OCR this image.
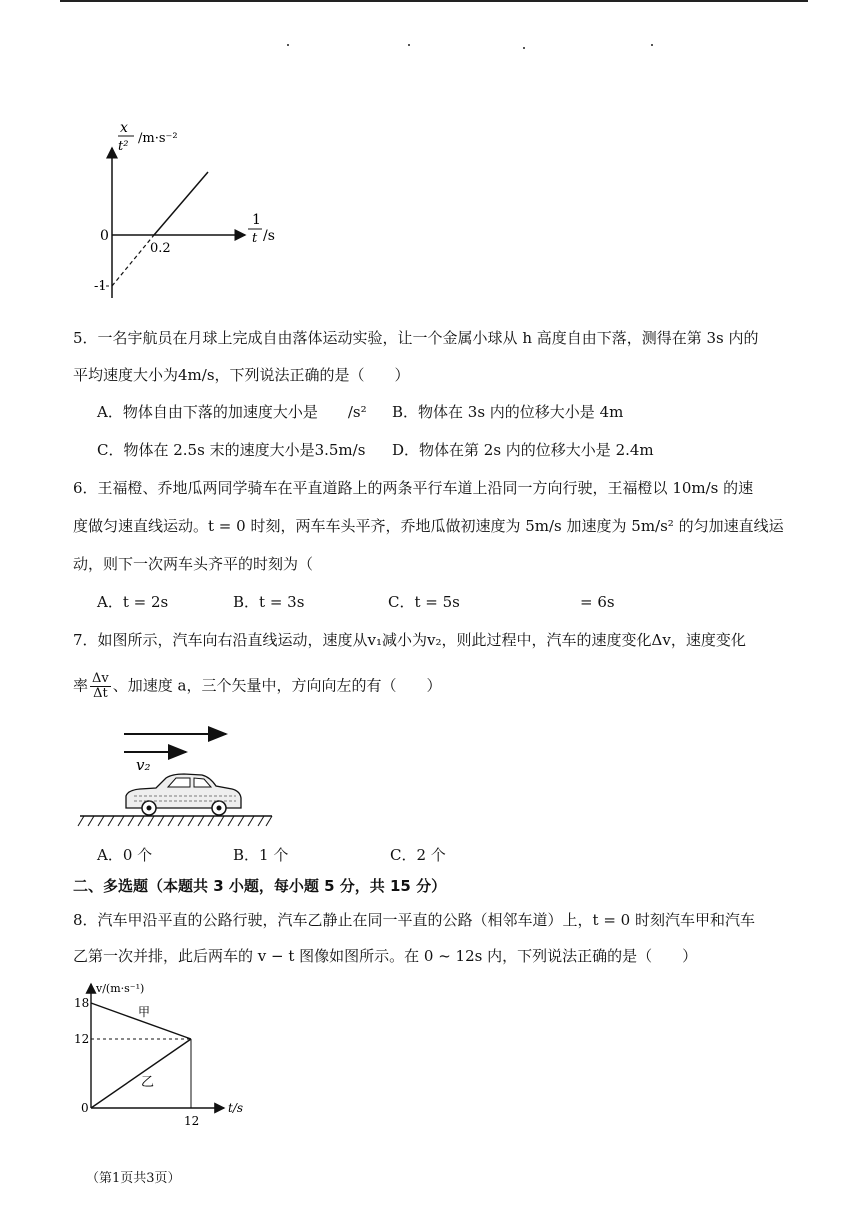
x
t²
/m·s⁻²
1
t /s
0
-1
0.2
5．一名宇航员在月球上完成自由落体运动实验，让一个金属小球从 h 高度自由下落，测得在第 3s 内的
平均速度大小为4m/s，下列说法正确的是（　　）
A．物体自由下落的加速度大小是　　/s² B．物体在 3s 内的位移大小是 4m
C．物体在 2.5s 末的速度大小是3.5m/s D．物体在第 2s 内的位移大小是 2.4m
6．王福橙、乔地瓜两同学骑车在平直道路上的两条平行车道上沿同一方向行驶，王福橙以 10m/s 的速
度做匀速直线运动。t = 0 时刻，两车车头平齐，乔地瓜做初速度为 5m/s 加速度为 5m/s² 的匀加速直线运
动，则下一次两车头齐平的时刻为（
A．t = 2s	B．t = 3s	C．t = 5s	= 6s
7．如图所示，汽车向右沿直线运动，速度从v₁减小为v₂，则此过程中，汽车的速度变化Δv，速度变化
率 $\frac{\Delta v}{\Delta t}$ 、加速度 a，三个矢量中，方向向左的有（　　）
v₂
A．0 个	B．1 个	C．2 个
二、多选题（本题共 3 小题，每小题 5 分，共 15 分）
8．汽车甲沿平直的公路行驶，汽车乙静止在同一平直的公路（相邻车道）上，t = 0 时刻汽车甲和汽车
乙第一次并排，此后两车的 v − t 图像如图所示。在 0 ~ 12s 内，下列说法正确的是（　　）
v/(m·s⁻¹)
t/s
甲
乙
18
12
0
12
（第1页共3页）
